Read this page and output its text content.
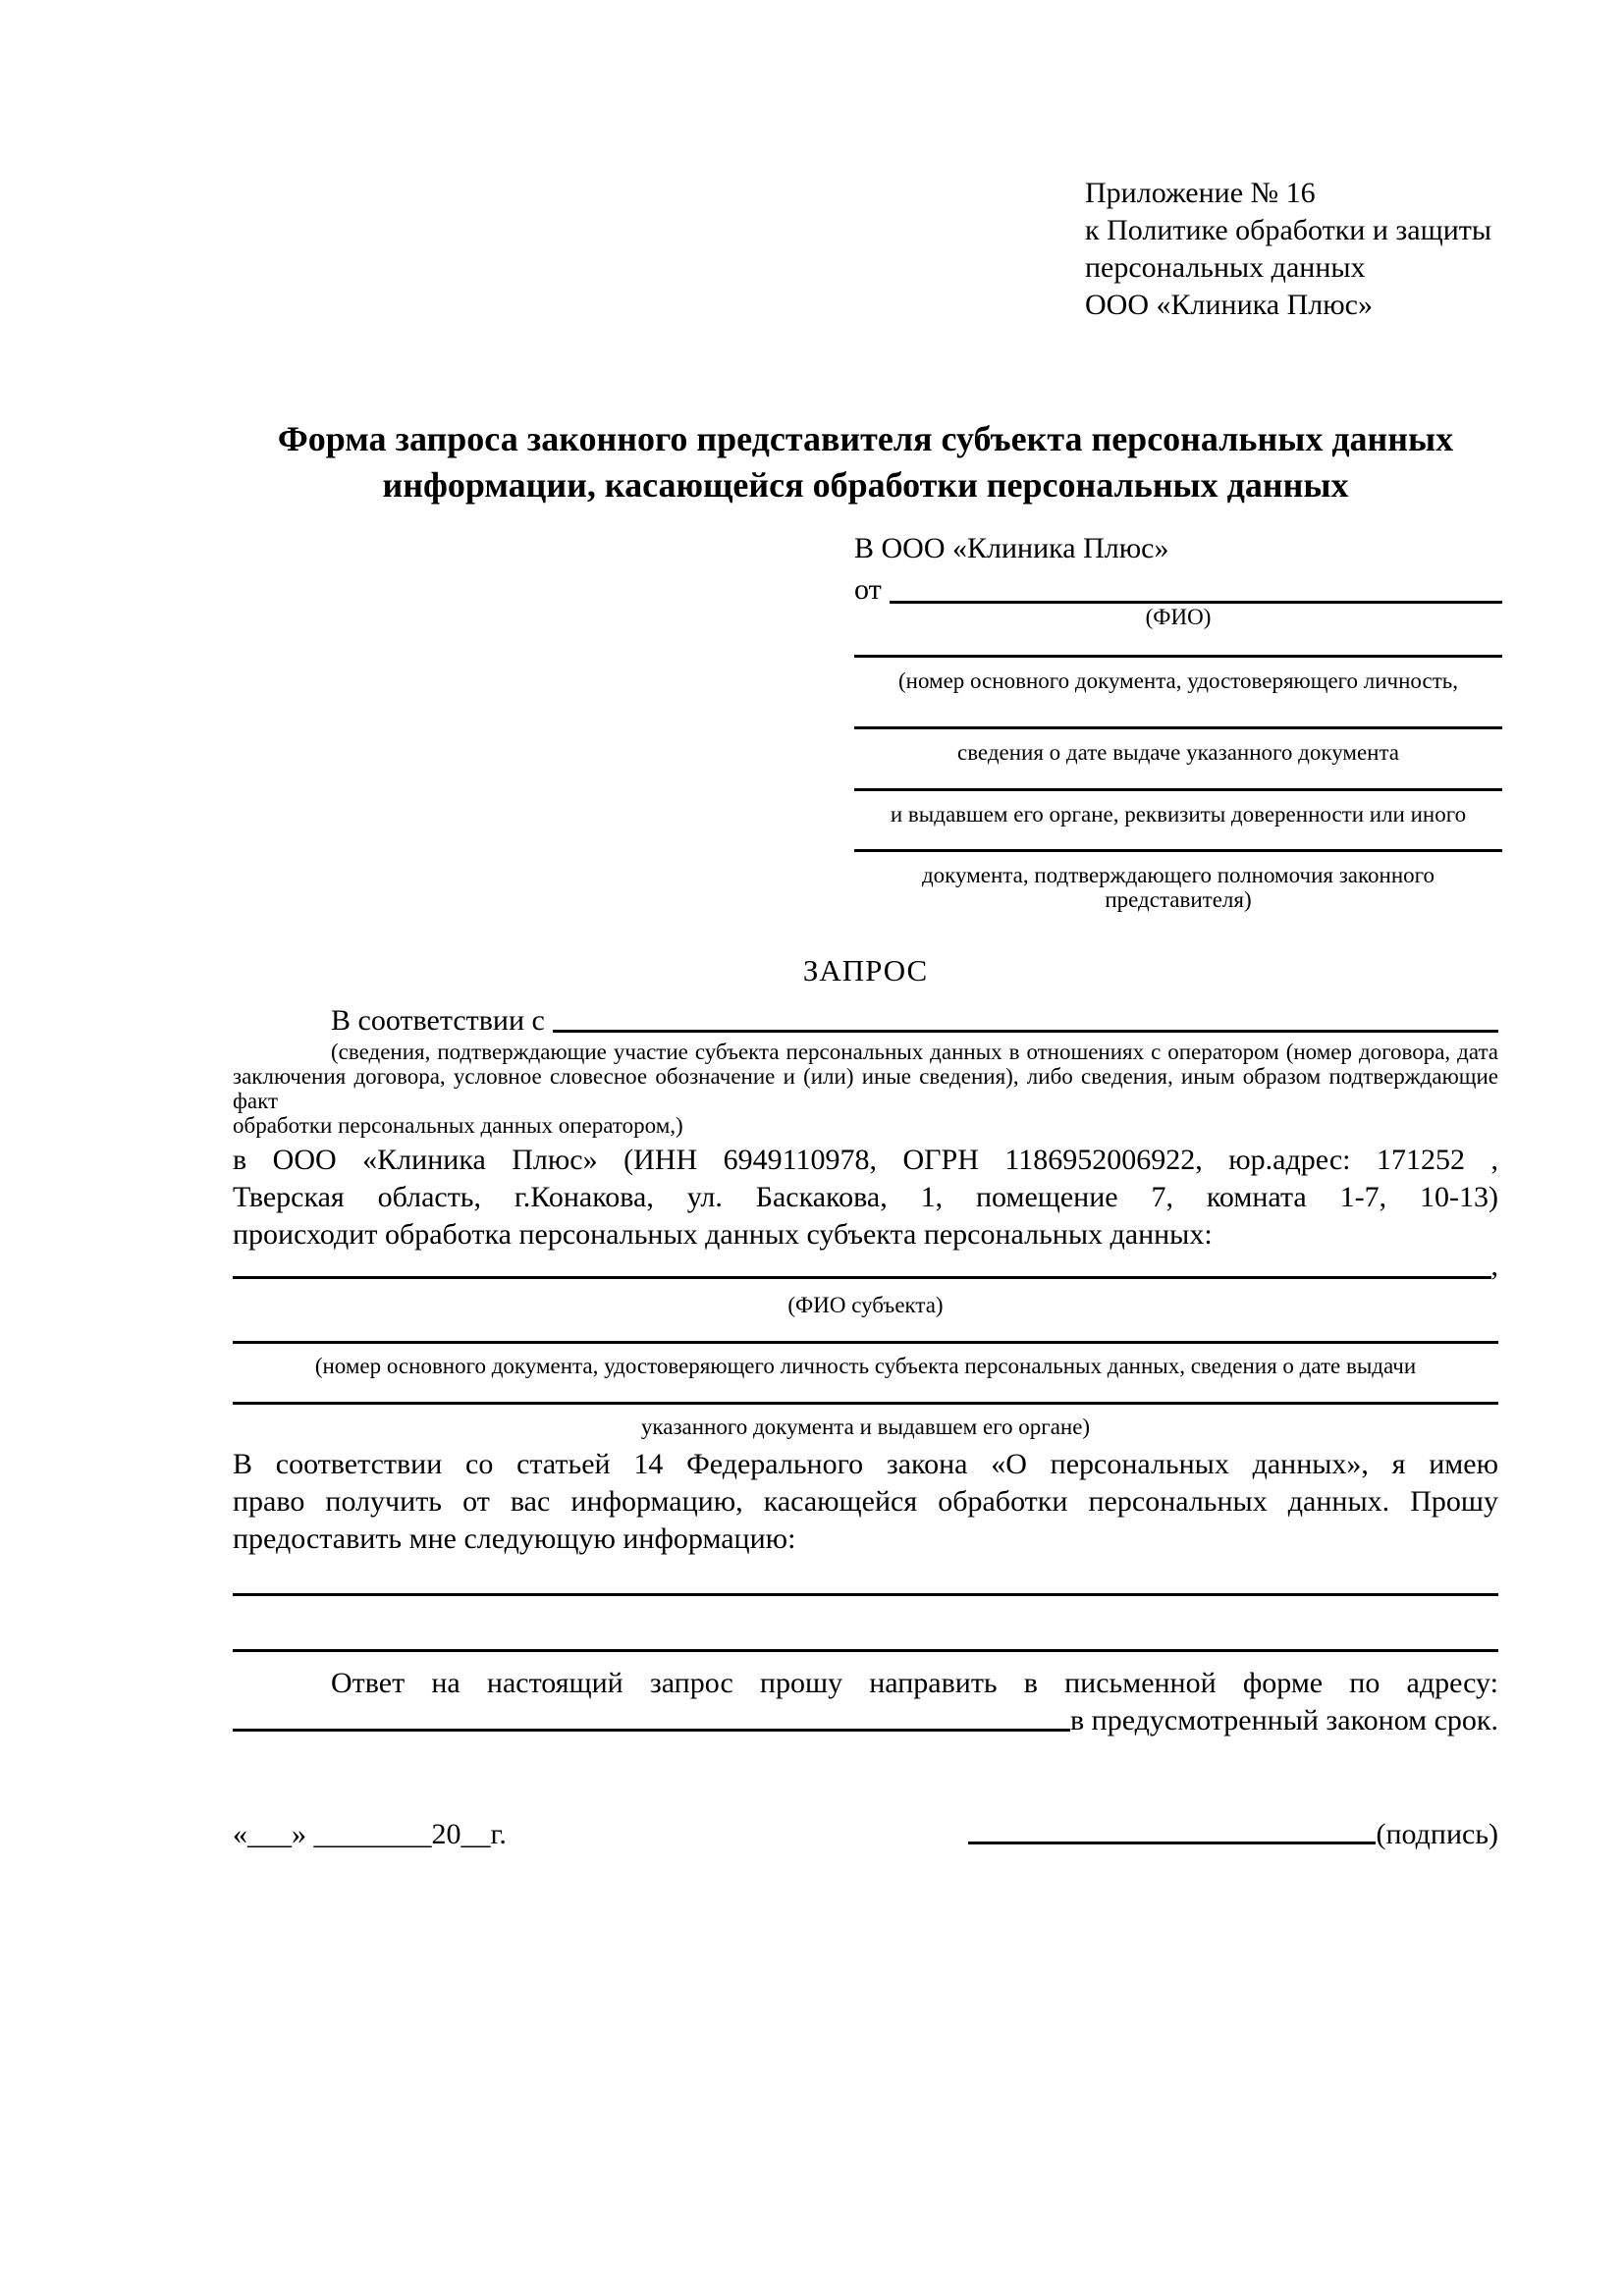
Приложение № 16
к Политике обработки и защиты
персональных данных
ООО «Клиника Плюс»
Форма запроса законного представителя субъекта персональных данных
информации, касающейся обработки персональных данных
В ООО «Клиника Плюс»
от
(ФИО)
(номер основного документа, удостоверяющего личность,
сведения о дате выдаче указанного документа
и выдавшем его органе, реквизиты доверенности или иного
документа, подтверждающего полномочия законного представителя)
ЗАПРОС
В соответствии с
(сведения, подтверждающие участие субъекта персональных данных в отношениях с оператором (номер договора, дата
заключения договора, условное словесное обозначение и (или) иные сведения), либо сведения, иным образом подтверждающие факт
обработки персональных данных оператором,)
в ООО «Клиника Плюс» (ИНН 6949110978, ОГРН 1186952006922, юр.адрес: 171252 ,
Тверская область, г.Конакова, ул. Баскакова, 1, помещение 7, комната 1-7, 10-13)
происходит обработка персональных данных субъекта персональных данных:
,
(ФИО субъекта)
(номер основного документа, удостоверяющего личность субъекта персональных данных, сведения о дате выдачи
указанного документа и выдавшем его органе)
В соответствии со статьей 14 Федерального закона «О персональных данных», я имею
право получить от вас информацию, касающейся обработки персональных данных. Прошу
предоставить мне следующую информацию:
Ответ на настоящий запрос прошу направить в письменной форме по адресу:
в предусмотренный законом срок.
«___» ________20__г.	(подпись)
